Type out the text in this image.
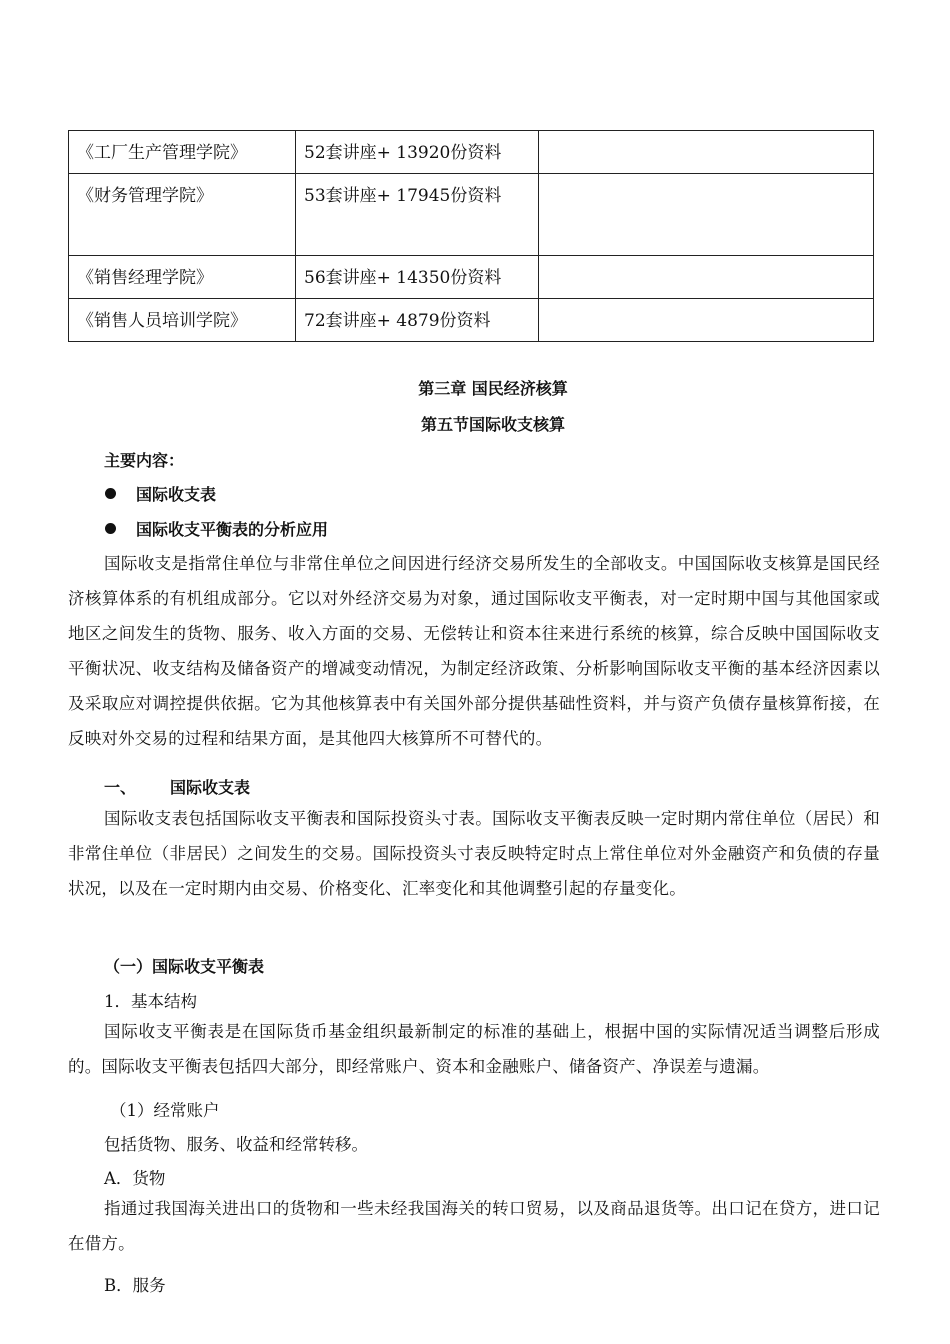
《工厂生产管理学院》	52套讲座+ 13920份资料	
《财务管理学院》	53套讲座+ 17945份资料	

《销售经理学院》	56套讲座+ 14350份资料	
《销售人员培训学院》	72套讲座+ 4879份资料	
第三章 国民经济核算
第五节国际收支核算
主要内容：
国际收支表
国际收支平衡表的分析应用
国际收支是指常住单位与非常住单位之间因进行经济交易所发生的全部收支。中国国际收支核算是国民经济核算体系的有机组成部分。它以对外经济交易为对象，通过国际收支平衡表，对一定时期中国与其他国家或地区之间发生的货物、服务、收入方面的交易、无偿转让和资本往来进行系统的核算，综合反映中国国际收支平衡状况、收支结构及储备资产的增减变动情况，为制定经济政策、分析影响国际收支平衡的基本经济因素以及采取应对调控提供依据。它为其他核算表中有关国外部分提供基础性资料，并与资产负债存量核算衔接，在反映对外交易的过程和结果方面，是其他四大核算所不可替代的。
一、 国际收支表
国际收支表包括国际收支平衡表和国际投资头寸表。国际收支平衡表反映一定时期内常住单位（居民）和非常住单位（非居民）之间发生的交易。国际投资头寸表反映特定时点上常住单位对外金融资产和负债的存量状况，以及在一定时期内由交易、价格变化、汇率变化和其他调整引起的存量变化。
（一）国际收支平衡表
1．基本结构
国际收支平衡表是在国际货币基金组织最新制定的标准的基础上，根据中国的实际情况适当调整后形成的。国际收支平衡表包括四大部分，即经常账户、资本和金融账户、储备资产、净误差与遗漏。
（1）经常账户
包括货物、服务、收益和经常转移。
A．货物
指通过我国海关进出口的货物和一些未经我国海关的转口贸易，以及商品退货等。出口记在贷方，进口记在借方。
B．服务
